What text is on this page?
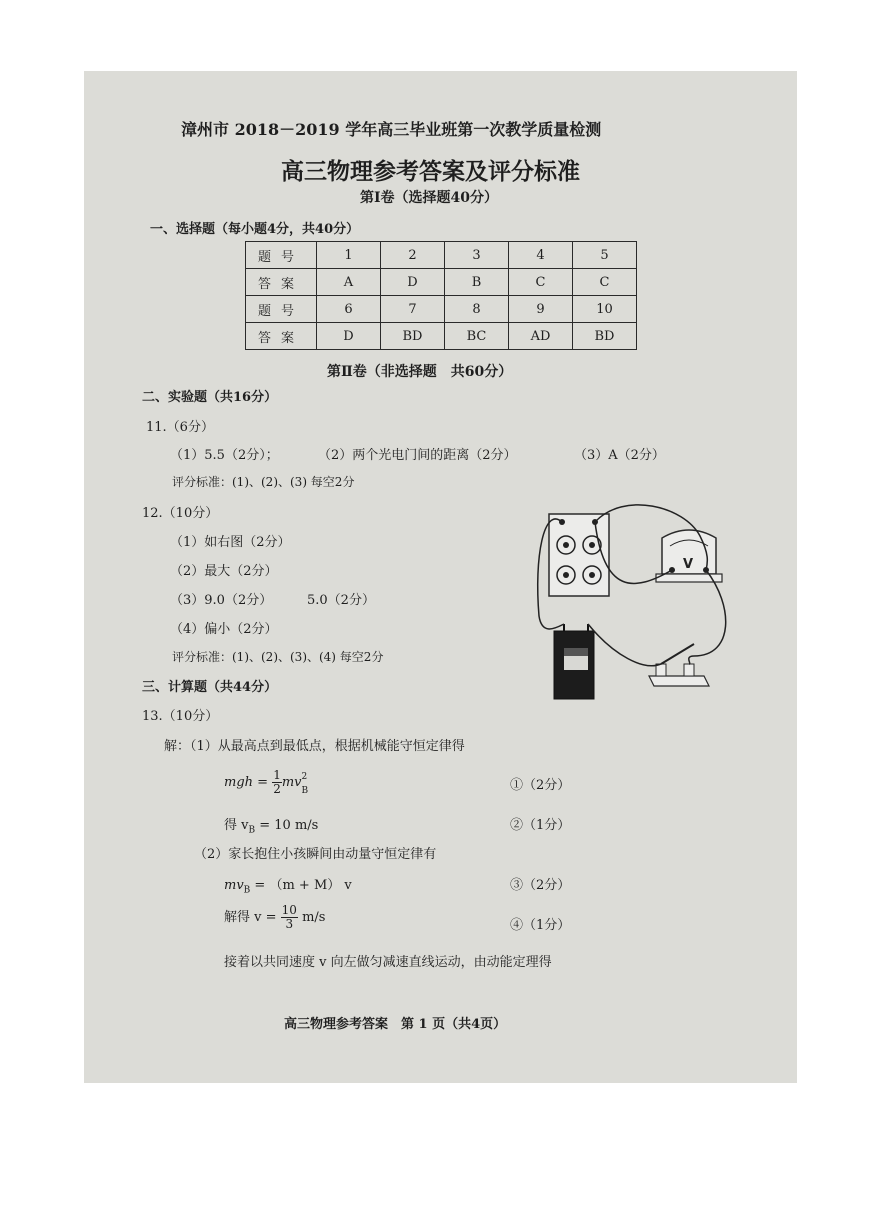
漳州市 2018－2019 学年高三毕业班第一次教学质量检测
高三物理参考答案及评分标准
第Ⅰ卷（选择题40分）
一、选择题（每小题4分，共40分）
题号	1	2	3	4	5
答案	A	D	B	C	C
题号	6	7	8	9	10
答案	D	BD	BC	AD	BD
第Ⅱ卷（非选择题　共60分）
二、实验题（共16分）
11.（6分）
（1）5.5（2分）；	（2）两个光电门间的距离（2分）	（3）A（2分）
评分标准：(1)、(2)、(3) 每空2分
12.（10分）
（1）如右图（2分）
（2）最大（2分）
（3）9.0（2分）	5.0（2分）
（4）偏小（2分）
评分标准：(1)、(2)、(3)、(4) 每空2分
V
三、计算题（共44分）
13.（10分）
解：（1）从最高点到最低点，根据机械能守恒定律得
mgh = $\frac{1}{2}$ mv 2
B	①（2分）
得 $v_B = 10$ m/s	②（1分）
（2）家长抱住小孩瞬间由动量守恒定律有
$mv_B = (m + M)$ v	③（2分）
解得 $v = \frac{10}{3} m/s$
④（1分）
接着以共同速度 v 向左做匀减速直线运动，由动能定理得
高三物理参考答案　第 1 页（共4页）
